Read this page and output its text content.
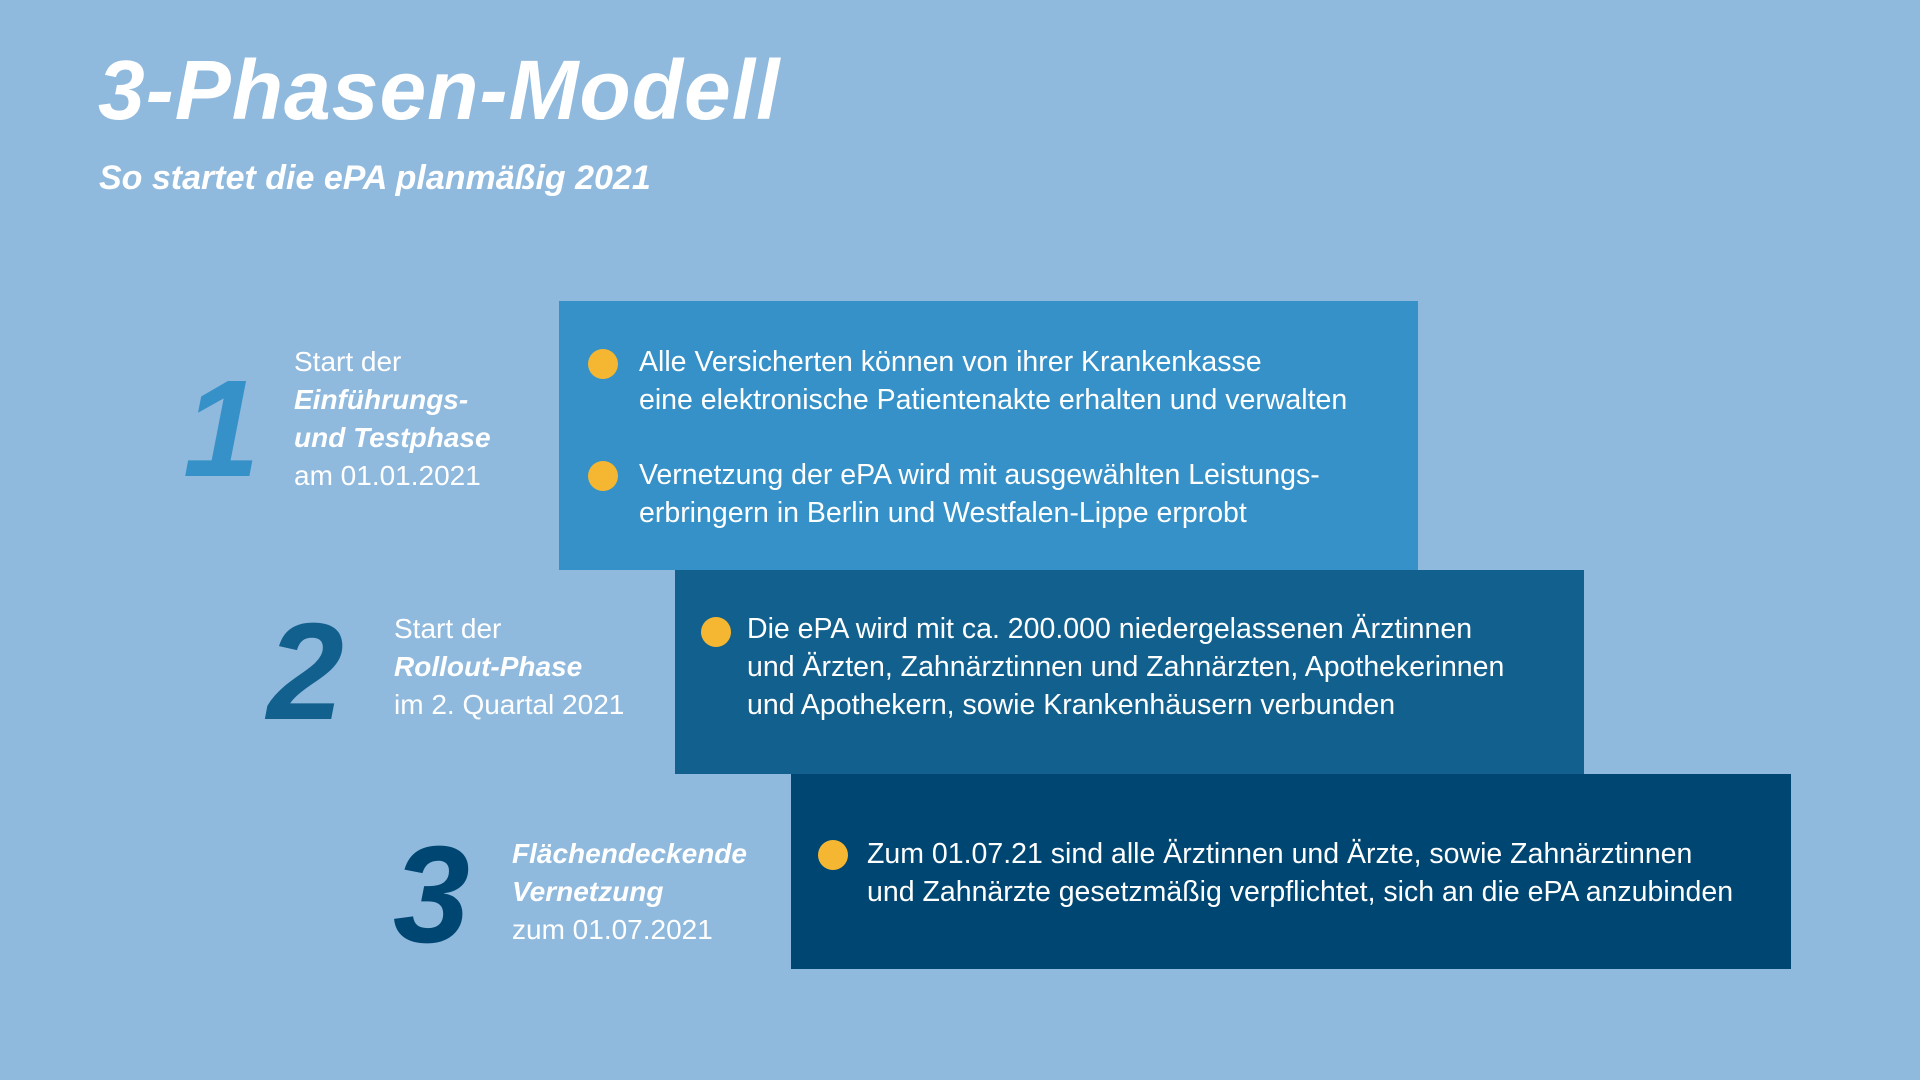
3-Phasen-Modell
So startet die ePA planmäßig 2021
1 Start der
Einführungs-
und Testphase
am 01.01.2021
Alle Versicherten können von ihrer Krankenkasse
eine elektronische Patientenakte erhalten und verwalten
Vernetzung der ePA wird mit ausgewählten Leistungs-
erbringern in Berlin und Westfalen-Lippe erprobt
2 Start der
Rollout-Phase
im 2. Quartal 2021
Die ePA wird mit ca. 200.000 niedergelassenen Ärztinnen
und Ärzten, Zahnärztinnen und Zahnärzten, Apothekerinnen
und Apothekern, sowie Krankenhäusern verbunden
3 Flächendeckende
Vernetzung
zum 01.07.2021
Zum 01.07.21 sind alle Ärztinnen und Ärzte, sowie Zahnärztinnen
und Zahnärzte gesetzmäßig verpflichtet, sich an die ePA anzubinden
